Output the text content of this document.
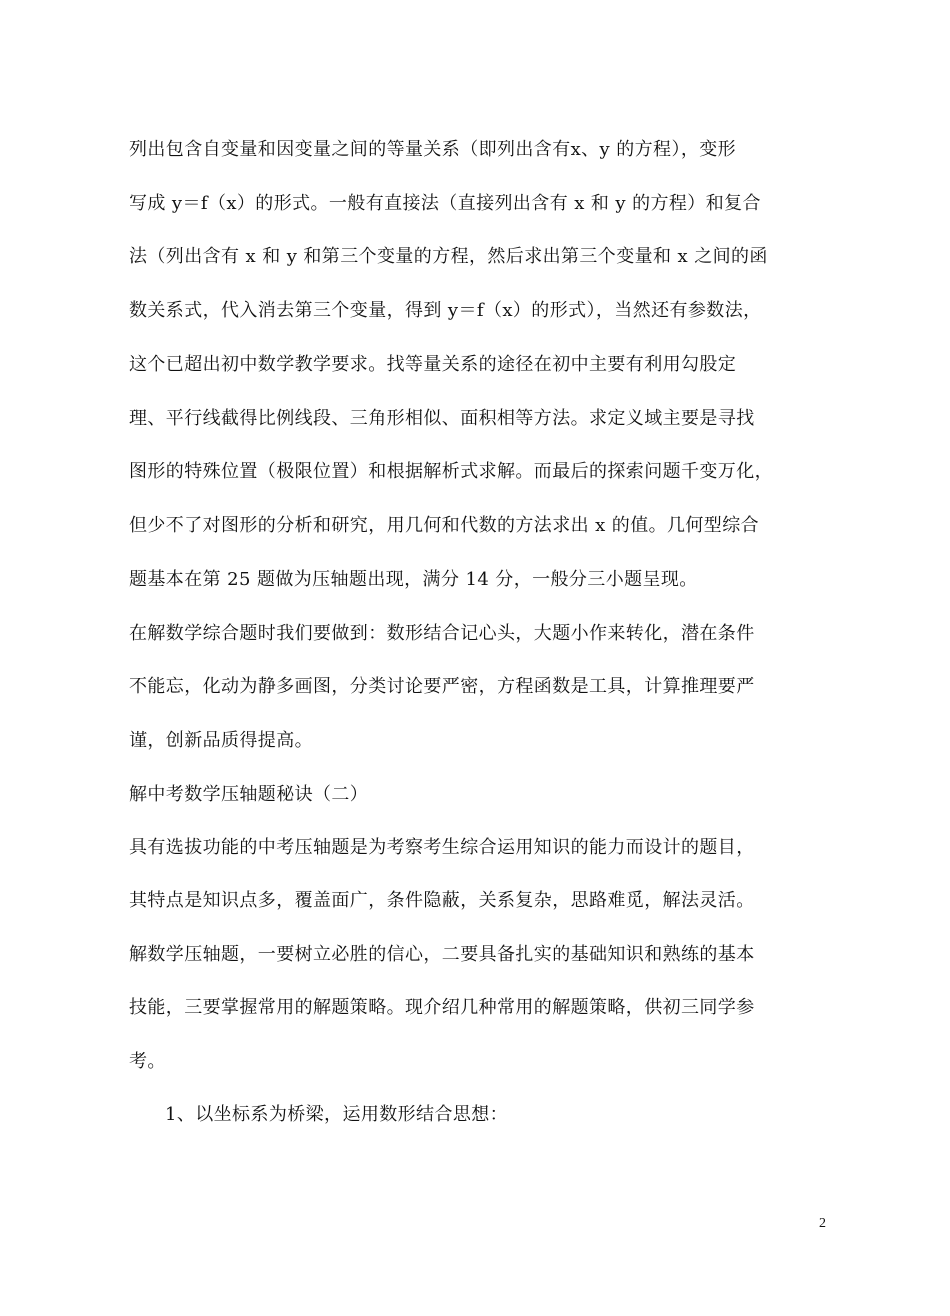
列出包含自变量和因变量之间的等量关系（即列出含有x、y 的方程），变形
写成 y＝f（x）的形式。一般有直接法（直接列出含有 x 和 y 的方程）和复合
法（列出含有 x 和 y 和第三个变量的方程，然后求出第三个变量和 x 之间的函
数关系式，代入消去第三个变量，得到 y＝f（x）的形式），当然还有参数法，
这个已超出初中数学教学要求。找等量关系的途径在初中主要有利用勾股定
理、平行线截得比例线段、三角形相似、面积相等方法。求定义域主要是寻找
图形的特殊位置（极限位置）和根据解析式求解。而最后的探索问题千变万化，
但少不了对图形的分析和研究，用几何和代数的方法求出 x 的值。几何型综合
题基本在第 25 题做为压轴题出现，满分 14 分，一般分三小题呈现。
在解数学综合题时我们要做到：数形结合记心头，大题小作来转化，潜在条件
不能忘，化动为静多画图，分类讨论要严密，方程函数是工具，计算推理要严
谨，创新品质得提高。
解中考数学压轴题秘诀（二）
具有选拔功能的中考压轴题是为考察考生综合运用知识的能力而设计的题目，
其特点是知识点多，覆盖面广，条件隐蔽，关系复杂，思路难觅，解法灵活。
解数学压轴题，一要树立必胜的信心，二要具备扎实的基础知识和熟练的基本
技能，三要掌握常用的解题策略。现介绍几种常用的解题策略，供初三同学参
考。
1、以坐标系为桥梁，运用数形结合思想：
2
